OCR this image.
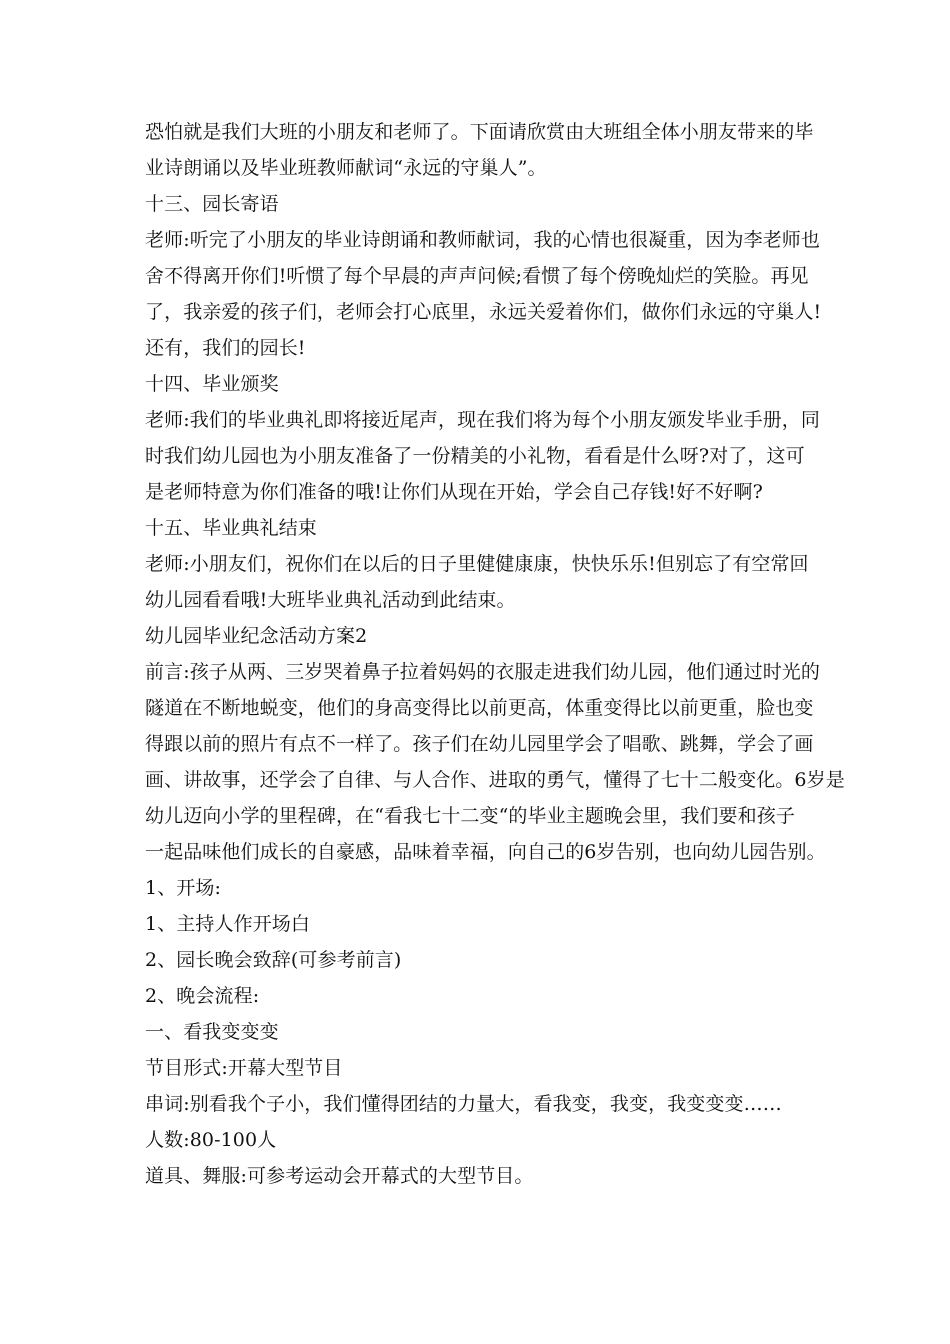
恐怕就是我们大班的小朋友和老师了。下面请欣赏由大班组全体小朋友带来的毕
业诗朗诵以及毕业班教师献词“永远的守巢人”。
十三、园长寄语
老师:听完了小朋友的毕业诗朗诵和教师献词，我的心情也很凝重，因为李老师也
舍不得离开你们!听惯了每个早晨的声声问候;看惯了每个傍晚灿烂的笑脸。再见
了，我亲爱的孩子们，老师会打心底里，永远关爱着你们，做你们永远的守巢人!
还有，我们的园长!
十四、毕业颁奖
老师:我们的毕业典礼即将接近尾声，现在我们将为每个小朋友颁发毕业手册，同
时我们幼儿园也为小朋友准备了一份精美的小礼物，看看是什么呀?对了，这可
是老师特意为你们准备的哦!让你们从现在开始，学会自己存钱!好不好啊?
十五、毕业典礼结束
老师:小朋友们，祝你们在以后的日子里健健康康，快快乐乐!但别忘了有空常回
幼儿园看看哦!大班毕业典礼活动到此结束。
幼儿园毕业纪念活动方案2
前言:孩子从两、三岁哭着鼻子拉着妈妈的衣服走进我们幼儿园，他们通过时光的
隧道在不断地蜕变，他们的身高变得比以前更高，体重变得比以前更重，脸也变
得跟以前的照片有点不一样了。孩子们在幼儿园里学会了唱歌、跳舞，学会了画
画、讲故事，还学会了自律、与人合作、进取的勇气，懂得了七十二般变化。6岁是
幼儿迈向小学的里程碑，在“看我七十二变“的毕业主题晚会里，我们要和孩子
一起品味他们成长的自豪感，品味着幸福，向自己的6岁告别，也向幼儿园告别。
1、开场:
1、主持人作开场白
2、园长晚会致辞(可参考前言)
2、晚会流程:
一、看我变变变
节目形式:开幕大型节目
串词:别看我个子小，我们懂得团结的力量大，看我变，我变，我变变变……
人数:80-100人
道具、舞服:可参考运动会开幕式的大型节目。
